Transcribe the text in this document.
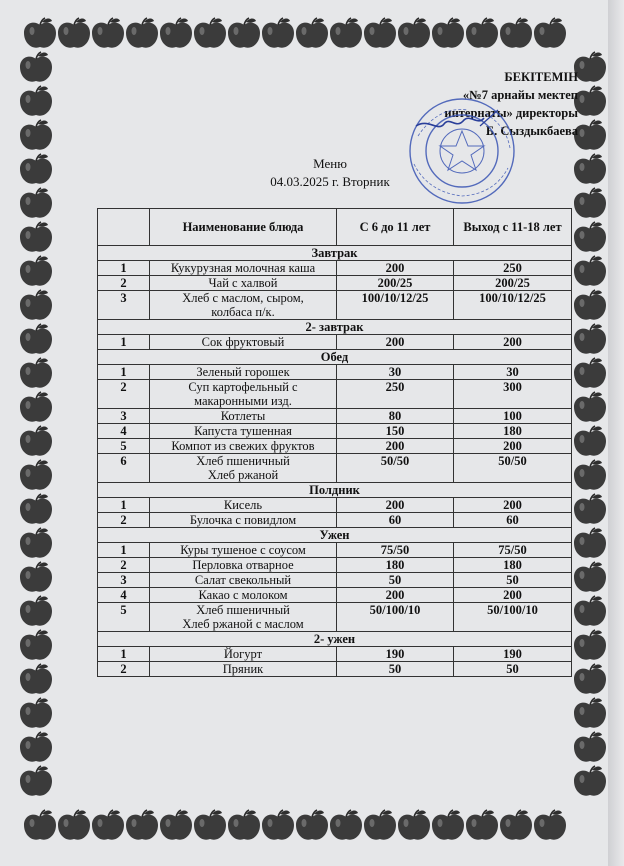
БЕКІТЕМІН
«№7 арнайы мектеп
интернаты» директоры
Б. Сыздыкбаева
Меню
04.03.2025 г. Вторник
	Наименование блюда	С 6 до 11 лет	Выход с 11-18 лет
Завтрак			
1	Кукурузная молочная каша	200	250
2	Чай с халвой	200/25	200/25
3	Хлеб с маслом, сыром,
колбаса п/к.	100/10/12/25	100/10/12/25
2- завтрак			
1	Сок фруктовый	200	200
Обед			
1	Зеленый горошек	30	30
2	Суп картофельный с
макаронными изд.	250	300
3	Котлеты	80	100
4	Капуста тушенная	150	180
5	Компот из свежих фруктов	200	200
6	Хлеб пшеничный
Хлеб ржаной	50/50	50/50
Полдник			
1	Кисель	200	200
2	Булочка с повидлом	60	60
Ужен			
1	Куры тушеное с соусом	75/50	75/50
2	Перловка отварное	180	180
3	Салат свекольный	50	50
4	Какао с молоком	200	200
5	Хлеб пшеничный
Хлеб ржаной с маслом	50/100/10	50/100/10
2- ужен			
1	Йогурт	190	190
2	Пряник	50	50
